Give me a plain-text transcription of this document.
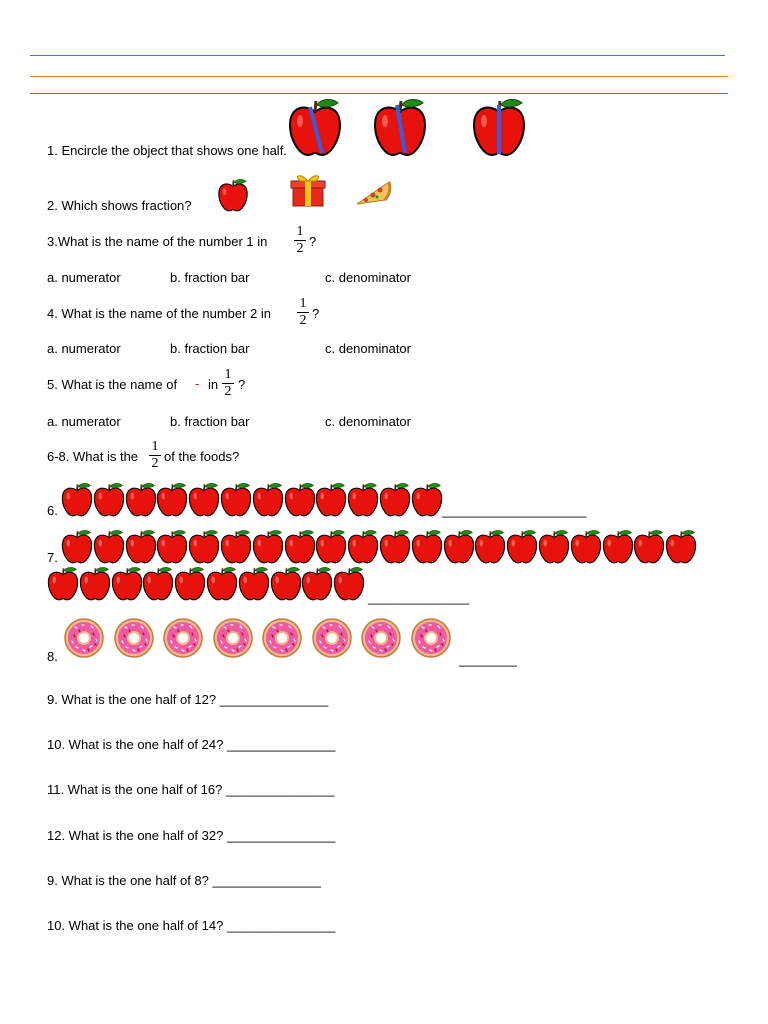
1. Encircle the object that shows one half.
2. Which shows fraction?
3.What is the name of the number 1 in
1
2 ?
a. numerator	b. fraction bar	c. denominator
4. What is the name of the number 2 in
1
2 ?
a. numerator	b. fraction bar	c. denominator
5. What is the name of - in
1
2 ?
a. numerator	b. fraction bar	c. denominator
6-8. What is the
1
2 of the foods?
6.	____________________
7.
______________
8.	________
9. What is the one half of 12? _______________
10. What is the one half of 24? _______________
11. What is the one half of 16? _______________
12. What is the one half of 32? _______________
9. What is the one half of 8? _______________
10. What is the one half of 14? _______________
